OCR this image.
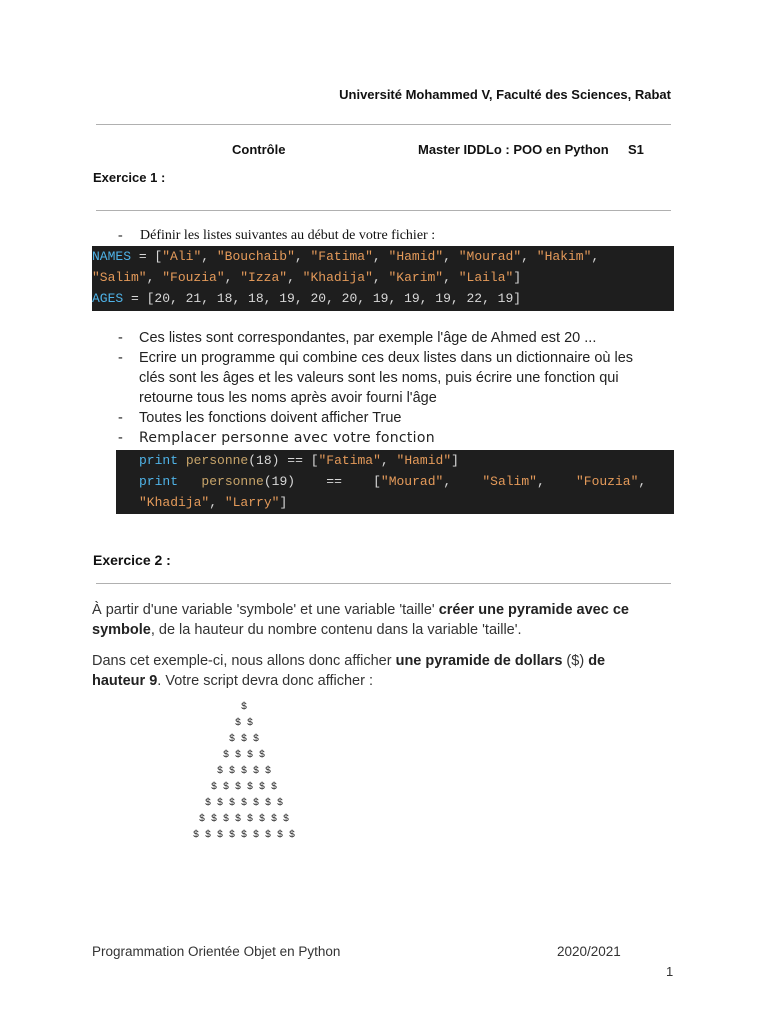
Université Mohammed V, Faculté des Sciences, Rabat
Contrôle	Master IDDLo : POO en Python S1
Exercice 1 :
- Définir les listes suivantes au début de votre fichier :
NAMES = ["Ali", "Bouchaib", "Fatima", "Hamid", "Mourad", "Hakim",
"Salim", "Fouzia", "Izza", "Khadija", "Karim", "Laila"]
AGES = [20, 21, 18, 18, 19, 20, 20, 19, 19, 19, 22, 19]
- Ces listes sont correspondantes, par exemple l'âge de Ahmed est 20 ...
- Ecrire un programme qui combine ces deux listes dans un dictionnaire où les
clés sont les âges et les valeurs sont les noms, puis écrire une fonction qui
retourne tous les noms après avoir fourni l'âge
- Toutes les fonctions doivent afficher True
- Remplacer personne avec votre fonction
print personne(18) == ["Fatima", "Hamid"]
print personne(19) ==    ["Mourad",    "Salim",    "Fouzia",
"Khadija", "Larry"]
Exercice 2 :
À partir d'une variable 'symbole' et une variable 'taille' créer une pyramide avec ce
symbole, de la hauteur du nombre contenu dans la variable 'taille'.
Dans cet exemple-ci, nous allons donc afficher une pyramide de dollars ($) de
hauteur 9. Votre script devra donc afficher :
$
$ $
$ $ $
$ $ $ $
$ $ $ $ $
$ $ $ $ $ $
$ $ $ $ $ $ $
$ $ $ $ $ $ $ $
$ $ $ $ $ $ $ $ $
Programmation Orientée Objet en Python	2020/2021
1
